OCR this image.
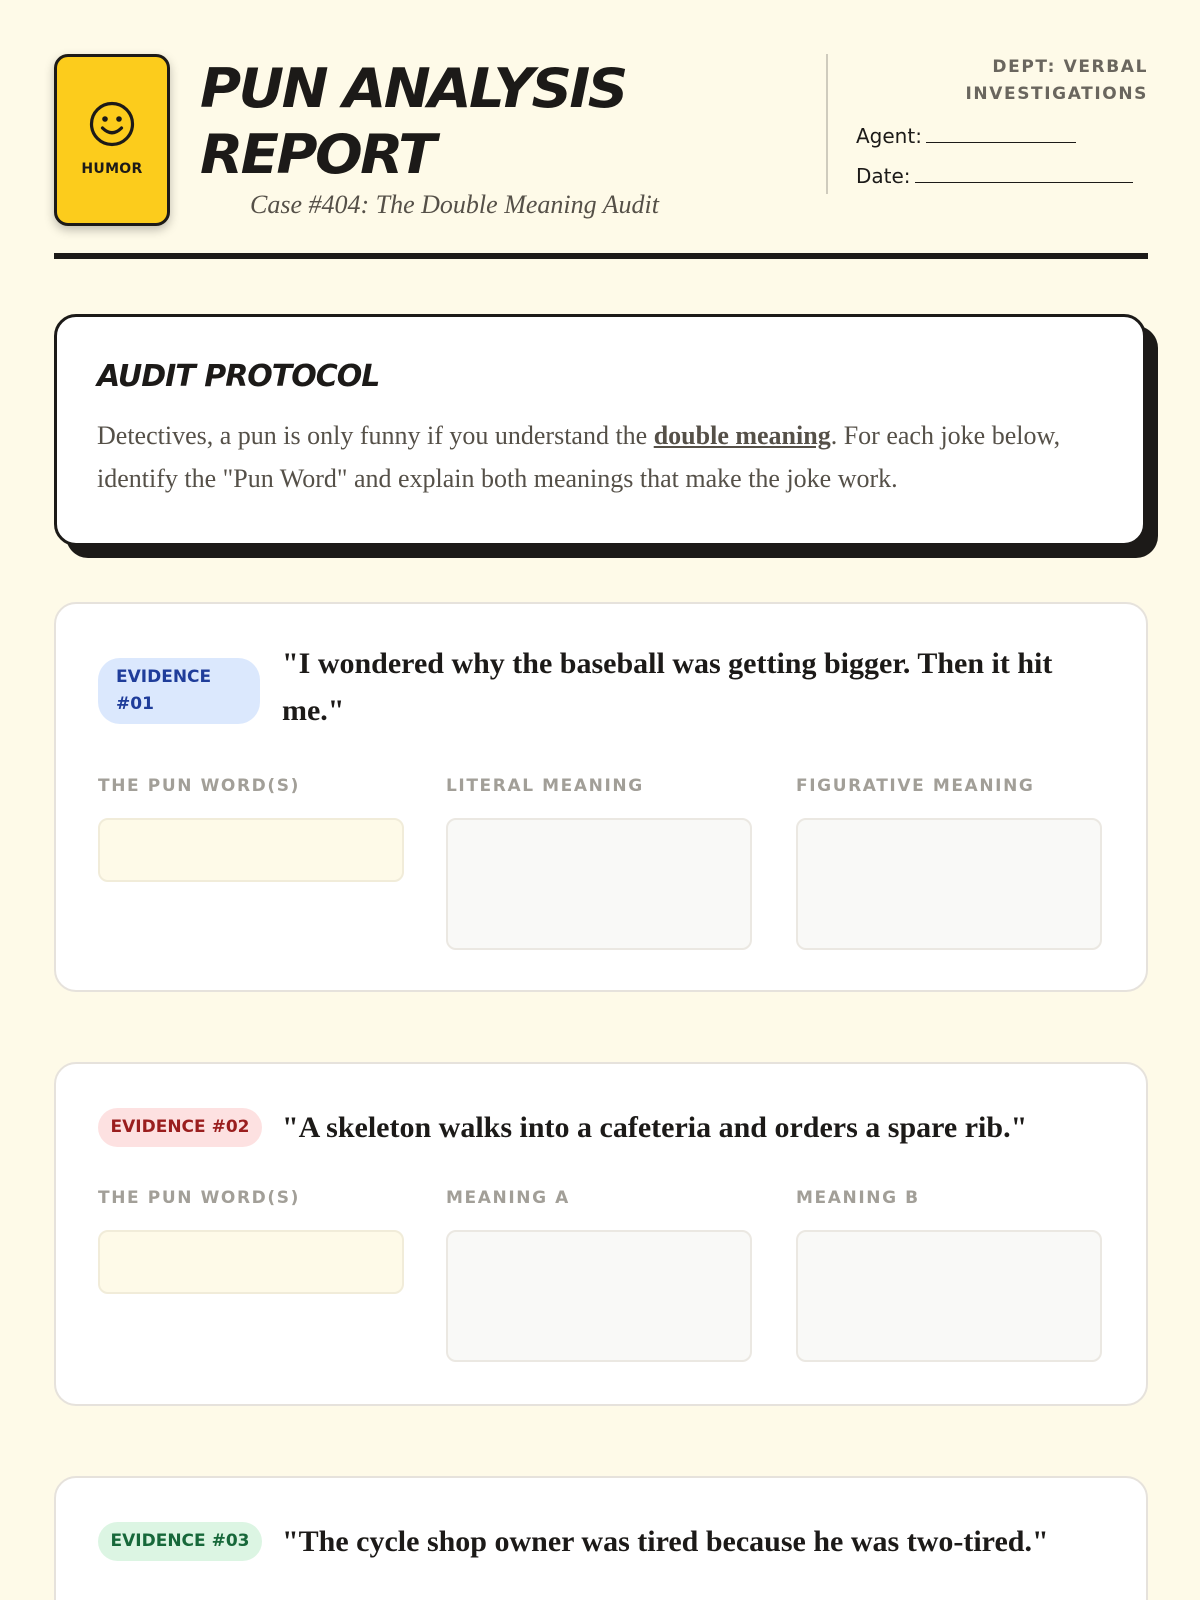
HUMOR
PUN ANALYSIS
REPORT
Case #404: The Double Meaning Audit
DEPT: VERBAL INVESTIGATIONS
Agent:
Date:
AUDIT PROTOCOL
Detectives, a pun is only funny if you understand the double meaning. For each joke below, identify the "Pun Word" and explain both meanings that make the joke work.
EVIDENCE #01
"I wondered why the baseball was getting bigger. Then it hit me."
THE PUN WORD(S)	LITERAL MEANING	FIGURATIVE MEANING
EVIDENCE #02	"A skeleton walks into a cafeteria and orders a spare rib."
THE PUN WORD(S)	MEANING A	MEANING B
EVIDENCE #03	"The cycle shop owner was tired because he was two-tired."
